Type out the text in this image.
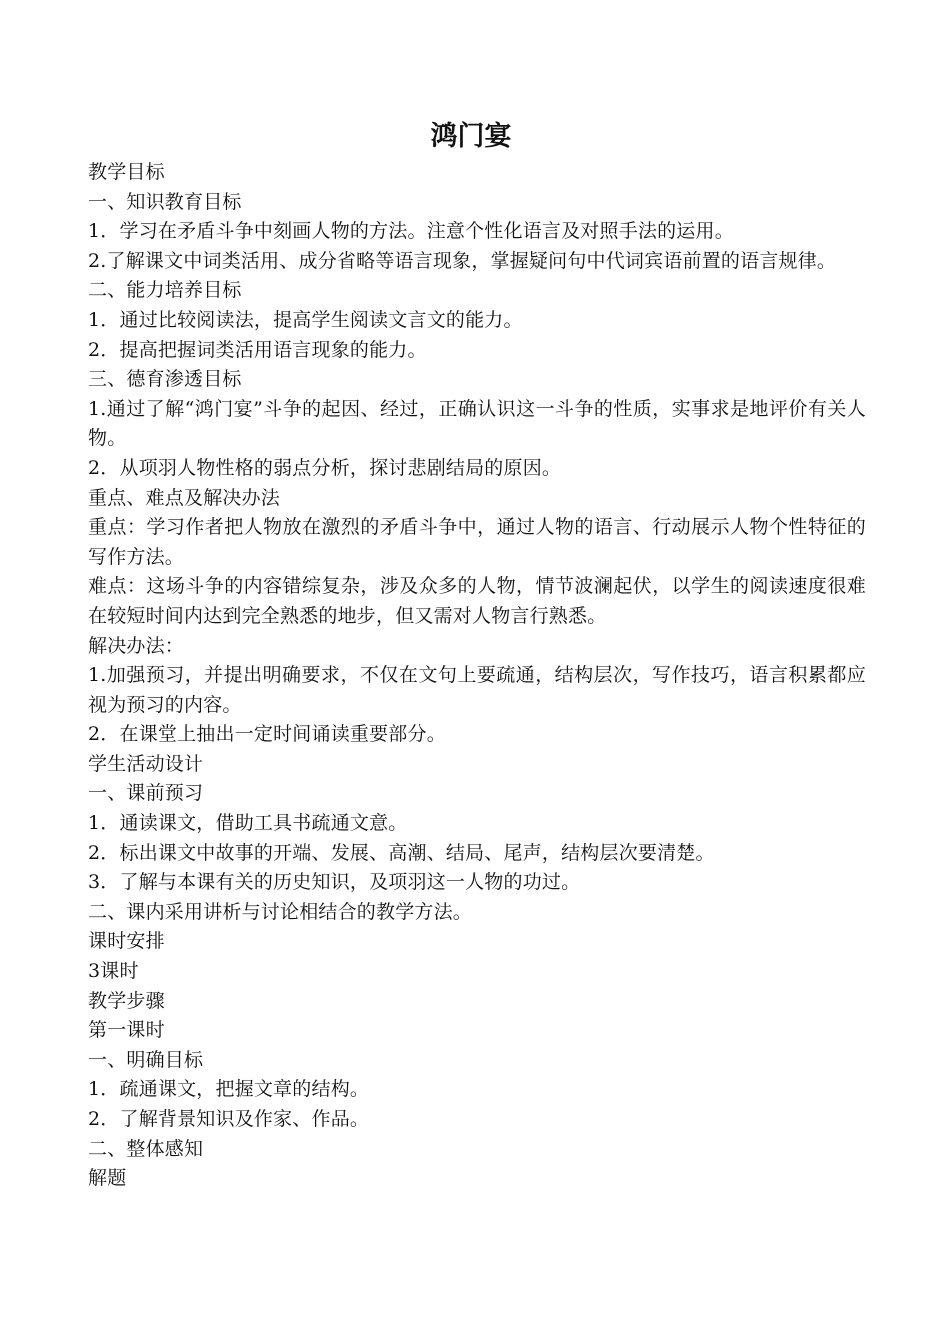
鸿门宴
教学目标
一、知识教育目标
1．学习在矛盾斗争中刻画人物的方法。注意个性化语言及对照手法的运用。
2.了解课文中词类活用、成分省略等语言现象，掌握疑问句中代词宾语前置的语言规律。
二、能力培养目标
1．通过比较阅读法，提高学生阅读文言文的能力。
2．提高把握词类活用语言现象的能力。
三、德育渗透目标
1.通过了解“鸿门宴”斗争的起因、经过，正确认识这一斗争的性质，实事求是地评价有关人物。
2．从项羽人物性格的弱点分析，探讨悲剧结局的原因。
重点、难点及解决办法
重点：学习作者把人物放在激烈的矛盾斗争中，通过人物的语言、行动展示人物个性特征的写作方法。
难点：这场斗争的内容错综复杂，涉及众多的人物，情节波澜起伏，以学生的阅读速度很难在较短时间内达到完全熟悉的地步，但又需对人物言行熟悉。
解决办法：
1.加强预习，并提出明确要求，不仅在文句上要疏通，结构层次，写作技巧，语言积累都应视为预习的内容。
2．在课堂上抽出一定时间诵读重要部分。
学生活动设计
一、课前预习
1．通读课文，借助工具书疏通文意。
2．标出课文中故事的开端、发展、高潮、结局、尾声，结构层次要清楚。
3．了解与本课有关的历史知识，及项羽这一人物的功过。
二、课内采用讲析与讨论相结合的教学方法。
课时安排
3课时
教学步骤
第一课时
一、明确目标
1．疏通课文，把握文章的结构。
2．了解背景知识及作家、作品。
二、整体感知
解题
